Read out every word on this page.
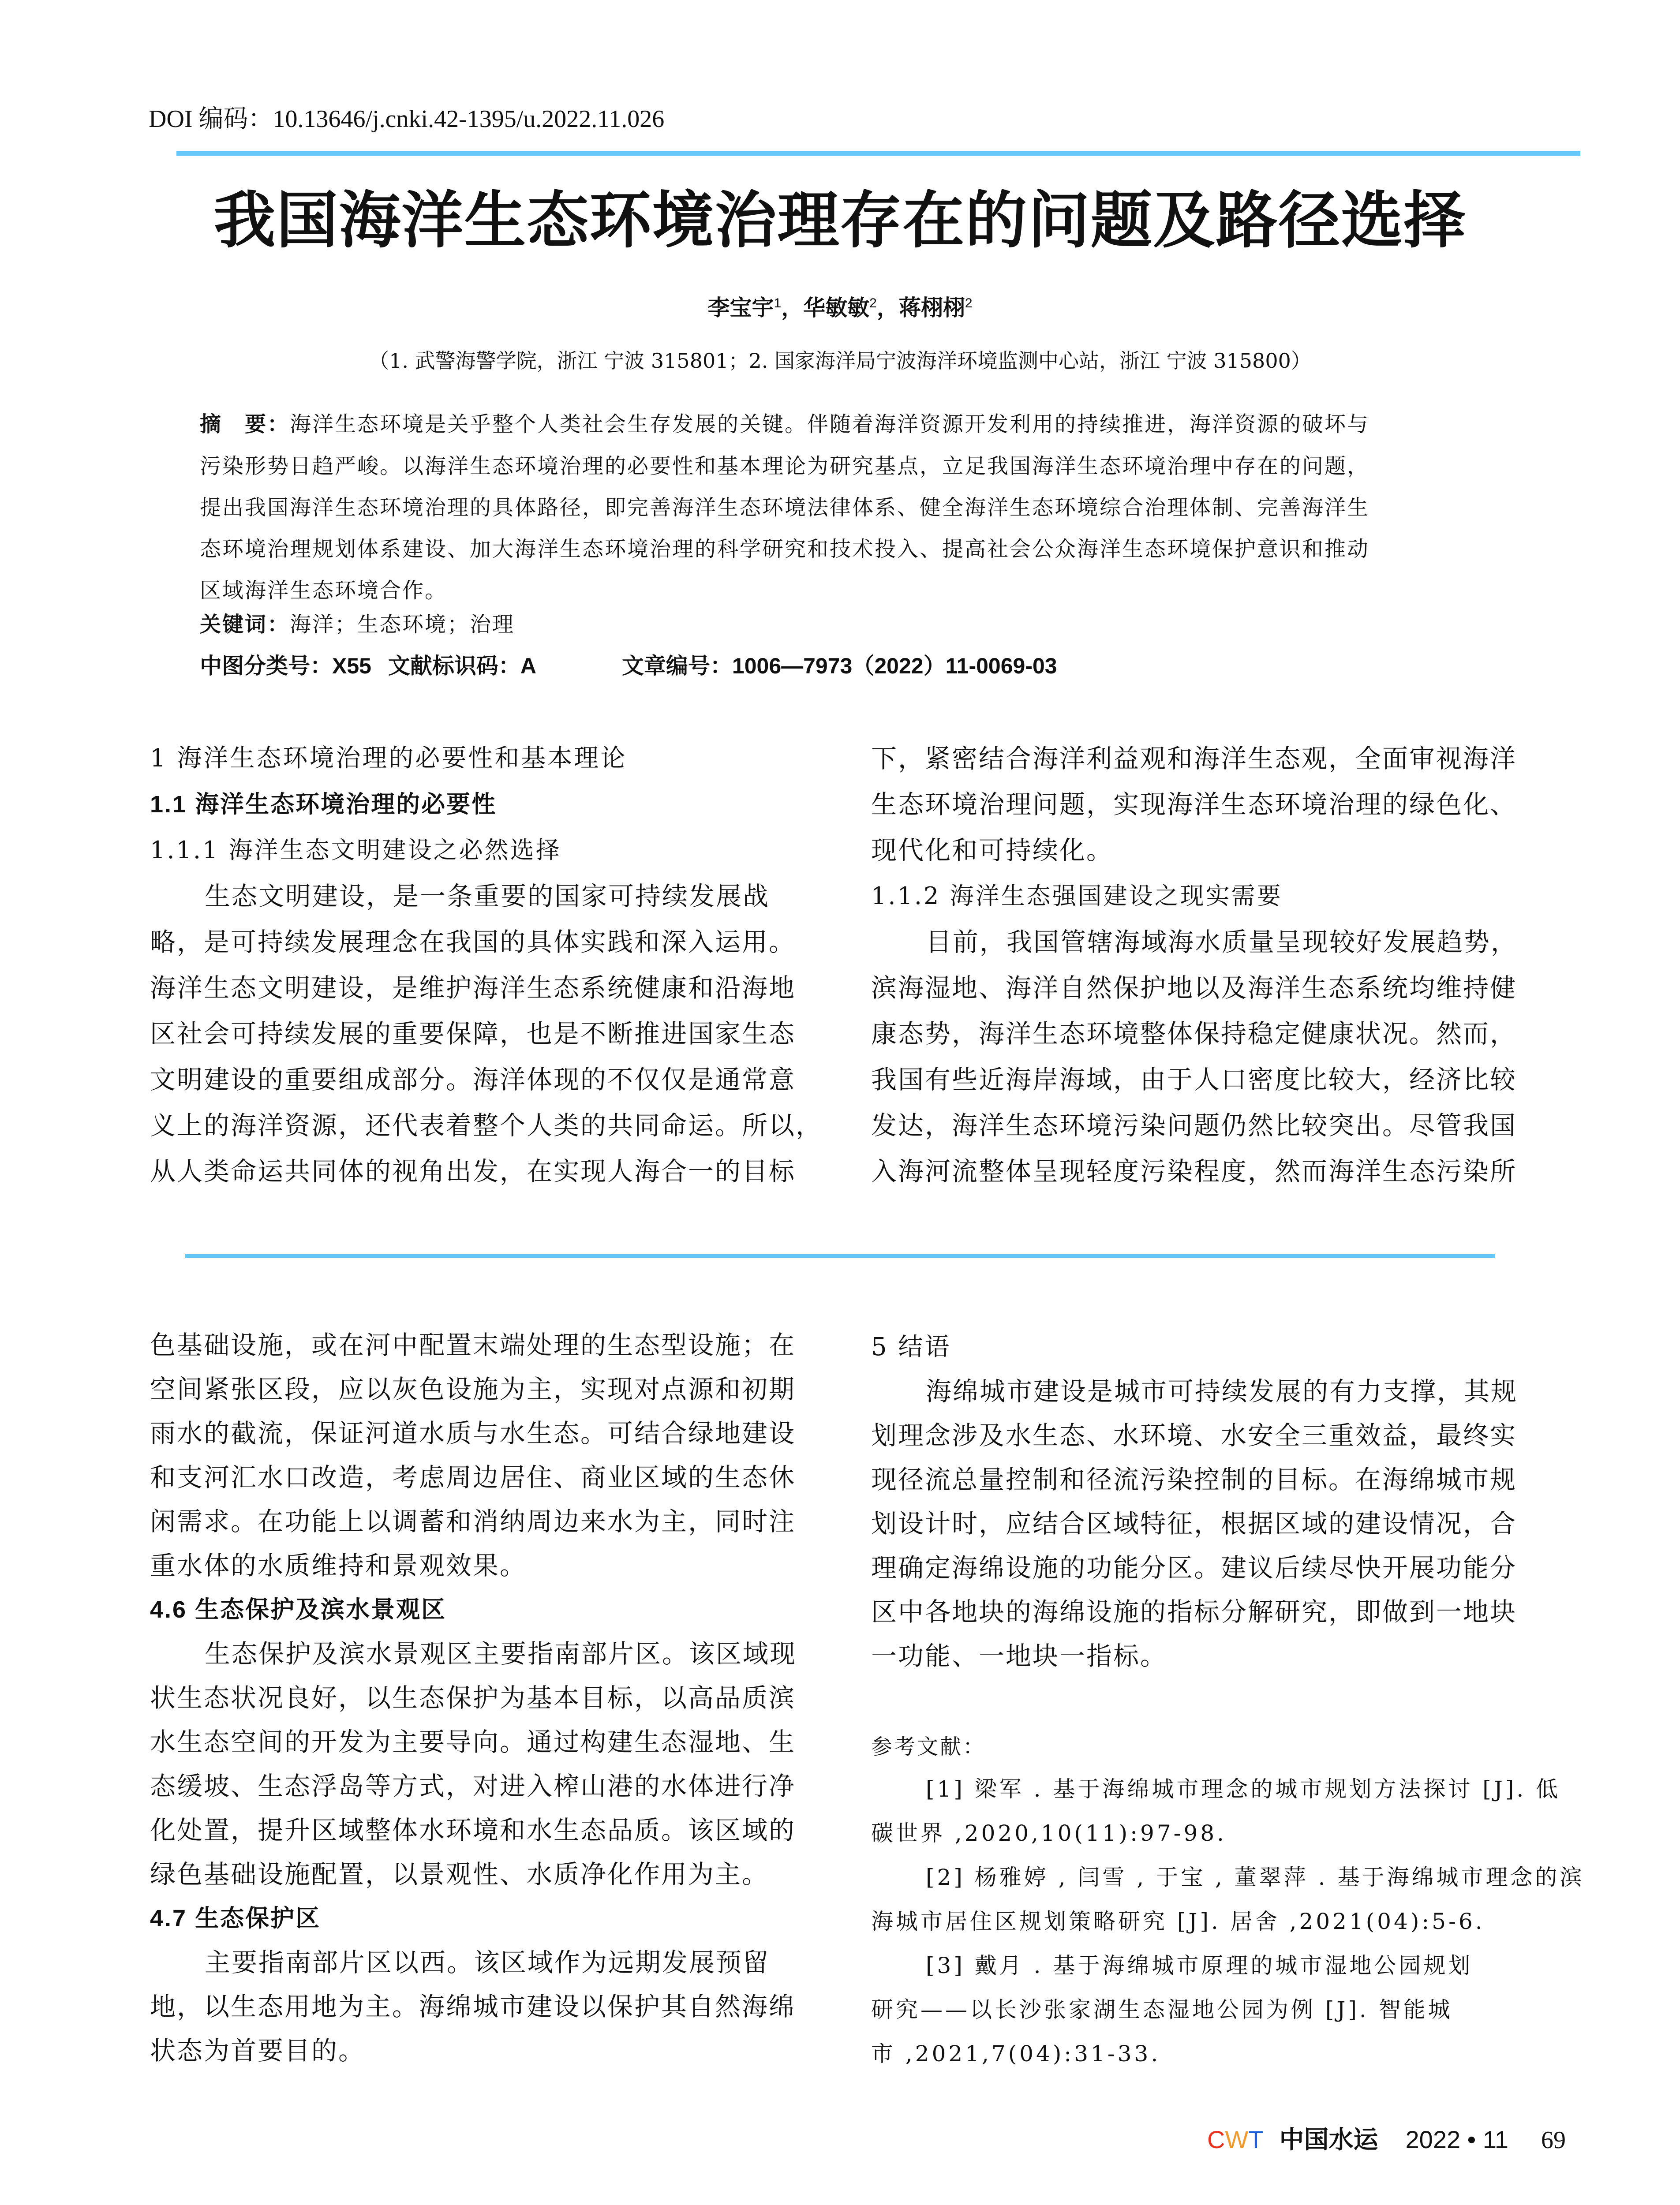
DOI 编码：10.13646/j.cnki.42-1395/u.2022.11.026
我国海洋生态环境治理存在的问题及路径选择
李宝宇$^1$，华敏敏$^2$，蒋栩栩$^2$
（1. 武警海警学院，浙江 宁波 315801；2. 国家海洋局宁波海洋环境监测中心站，浙江 宁波 315800）
摘　要：海洋生态环境是关乎整个人类社会生存发展的关键。伴随着海洋资源开发利用的持续推进，海洋资源的破坏与
污染形势日趋严峻。以海洋生态环境治理的必要性和基本理论为研究基点，立足我国海洋生态环境治理中存在的问题，
提出我国海洋生态环境治理的具体路径，即完善海洋生态环境法律体系、健全海洋生态环境综合治理体制、完善海洋生
态环境治理规划体系建设、加大海洋生态环境治理的科学研究和技术投入、提高社会公众海洋生态环境保护意识和推动
区域海洋生态环境合作。
关键词：海洋；生态环境；治理
中图分类号：X55 文献标识码：A	文章编号：1006—7973（2022）11-0069-03
1 海洋生态环境治理的必要性和基本理论
1.1 海洋生态环境治理的必要性
1.1.1 海洋生态文明建设之必然选择
生态文明建设，是一条重要的国家可持续发展战
略，是可持续发展理念在我国的具体实践和深入运用。
海洋生态文明建设，是维护海洋生态系统健康和沿海地
区社会可持续发展的重要保障，也是不断推进国家生态
文明建设的重要组成部分。海洋体现的不仅仅是通常意
义上的海洋资源，还代表着整个人类的共同命运。所以，
从人类命运共同体的视角出发，在实现人海合一的目标
下，紧密结合海洋利益观和海洋生态观，全面审视海洋
生态环境治理问题，实现海洋生态环境治理的绿色化、
现代化和可持续化。
1.1.2 海洋生态强国建设之现实需要
目前，我国管辖海域海水质量呈现较好发展趋势，
滨海湿地、海洋自然保护地以及海洋生态系统均维持健
康态势，海洋生态环境整体保持稳定健康状况。然而，
我国有些近海岸海域，由于人口密度比较大，经济比较
发达，海洋生态环境污染问题仍然比较突出。尽管我国
入海河流整体呈现轻度污染程度，然而海洋生态污染所
色基础设施，或在河中配置末端处理的生态型设施；在
空间紧张区段，应以灰色设施为主，实现对点源和初期
雨水的截流，保证河道水质与水生态。可结合绿地建设
和支河汇水口改造，考虑周边居住、商业区域的生态休
闲需求。在功能上以调蓄和消纳周边来水为主，同时注
重水体的水质维持和景观效果。
4.6 生态保护及滨水景观区
生态保护及滨水景观区主要指南部片区。该区域现
状生态状况良好，以生态保护为基本目标，以高品质滨
水生态空间的开发为主要导向。通过构建生态湿地、生
态缓坡、生态浮岛等方式，对进入榨山港的水体进行净
化处置，提升区域整体水环境和水生态品质。该区域的
绿色基础设施配置，以景观性、水质净化作用为主。
4.7 生态保护区
主要指南部片区以西。该区域作为远期发展预留
地，以生态用地为主。海绵城市建设以保护其自然海绵
状态为首要目的。
5 结语
海绵城市建设是城市可持续发展的有力支撑，其规
划理念涉及水生态、水环境、水安全三重效益，最终实
现径流总量控制和径流污染控制的目标。在海绵城市规
划设计时，应结合区域特征，根据区域的建设情况，合
理确定海绵设施的功能分区。建议后续尽快开展功能分
区中各地块的海绵设施的指标分解研究，即做到一地块
一功能、一地块一指标。
参考文献：
[1] 梁军 . 基于海绵城市理念的城市规划方法探讨 [J]. 低
碳世界 ,2020,10(11):97-98.
[2] 杨雅婷 , 闫雪 , 于宝 , 董翠萍 . 基于海绵城市理念的滨
海城市居住区规划策略研究 [J]. 居舍 ,2021(04):5-6.
[3] 戴月 . 基于海绵城市原理的城市湿地公园规划
研究——以长沙张家湖生态湿地公园为例 [J]. 智能城
市 ,2021,7(04):31-33.
CWT 中国水运 2022 • 11 69
